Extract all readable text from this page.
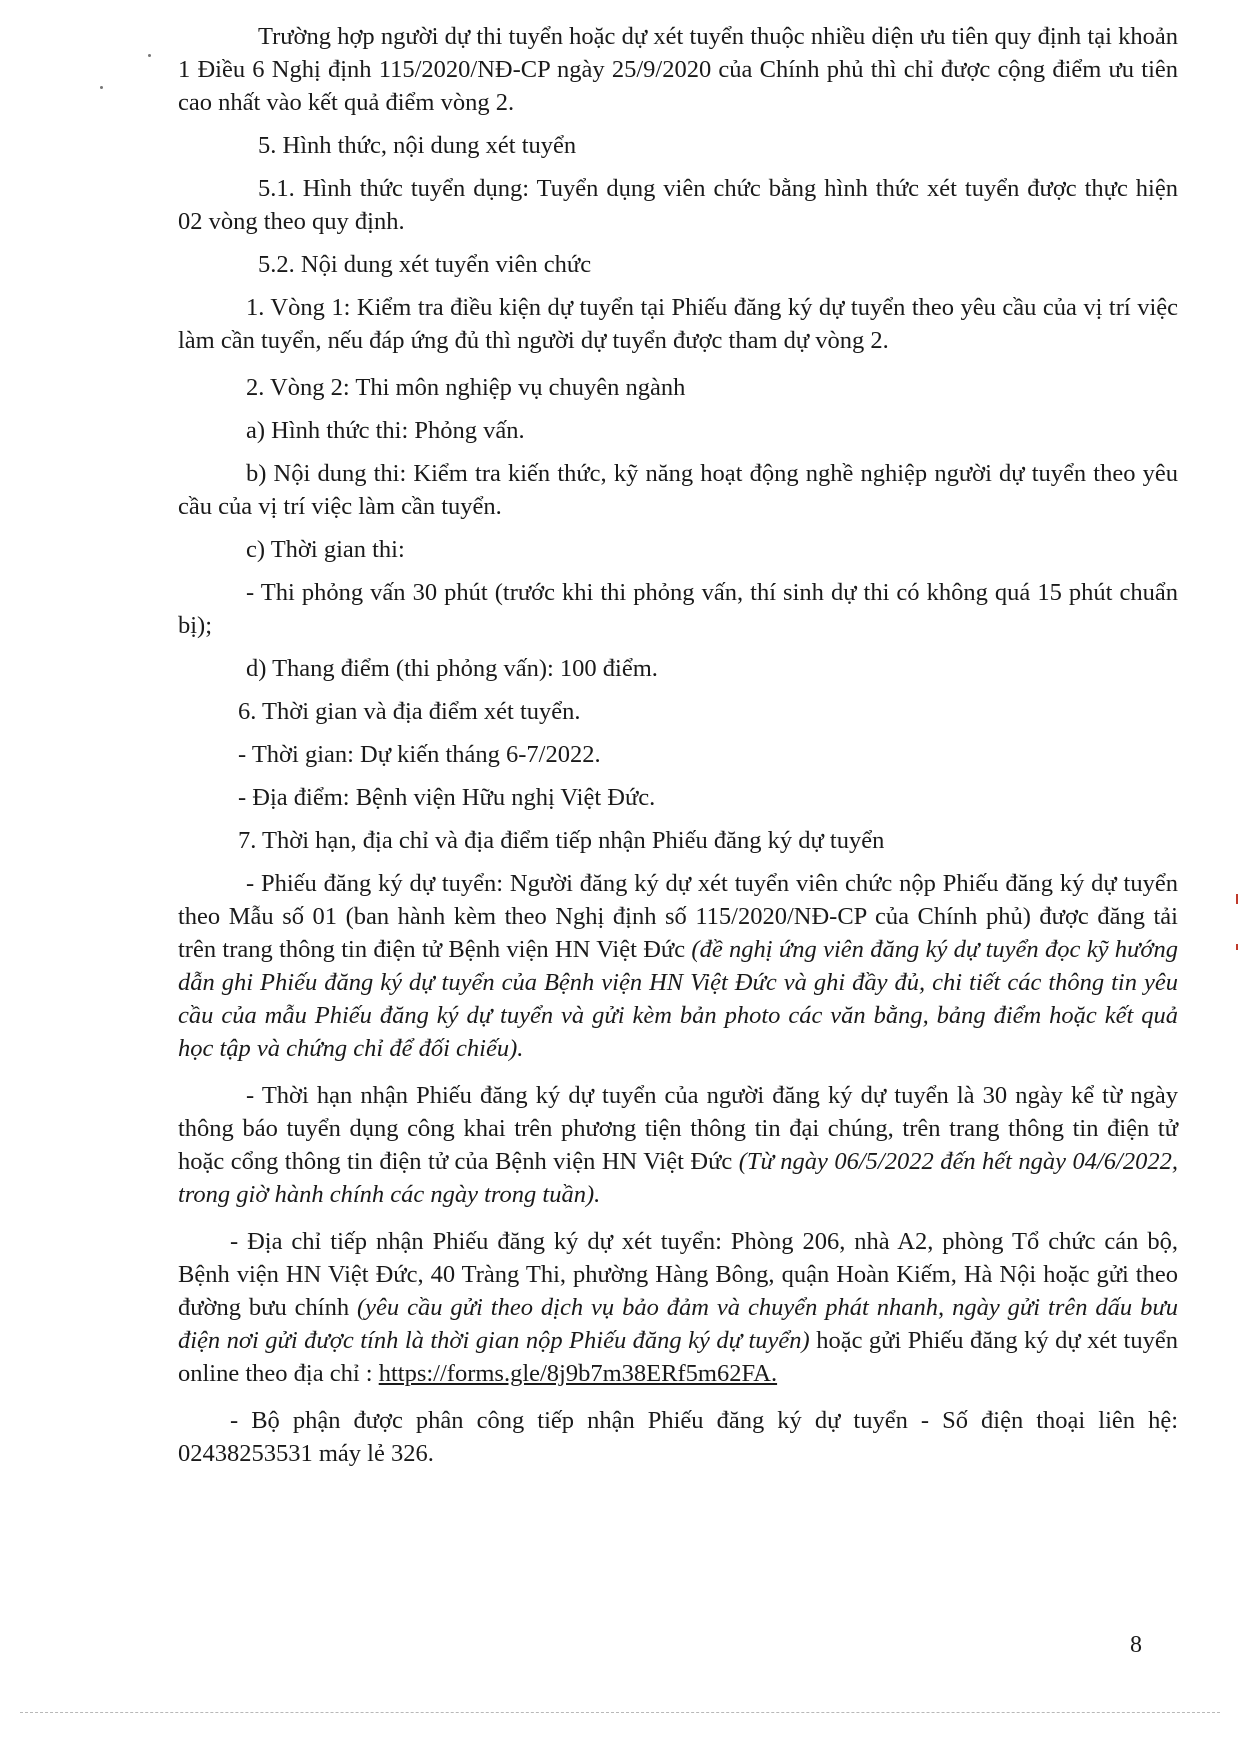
Trường hợp người dự thi tuyển hoặc dự xét tuyển thuộc nhiều diện ưu tiên quy định tại khoản 1 Điều 6 Nghị định 115/2020/NĐ-CP ngày 25/9/2020 của Chính phủ thì chỉ được cộng điểm ưu tiên cao nhất vào kết quả điểm vòng 2.

5. Hình thức, nội dung xét tuyển

5.1. Hình thức tuyển dụng: Tuyển dụng viên chức bằng hình thức xét tuyển được thực hiện 02 vòng theo quy định.

5.2. Nội dung xét tuyển viên chức

1. Vòng 1: Kiểm tra điều kiện dự tuyển tại Phiếu đăng ký dự tuyển theo yêu cầu của vị trí việc làm cần tuyển, nếu đáp ứng đủ thì người dự tuyển được tham dự vòng 2.

2. Vòng 2: Thi môn nghiệp vụ chuyên ngành

a) Hình thức thi: Phỏng vấn.

b) Nội dung thi: Kiểm tra kiến thức, kỹ năng hoạt động nghề nghiệp người dự tuyển theo yêu cầu của vị trí việc làm cần tuyển.

c) Thời gian thi:

- Thi phỏng vấn 30 phút (trước khi thi phỏng vấn, thí sinh dự thi có không quá 15 phút chuẩn bị);

d) Thang điểm (thi phỏng vấn): 100 điểm.

6. Thời gian và địa điểm xét tuyển.

- Thời gian: Dự kiến tháng 6-7/2022.

- Địa điểm: Bệnh viện Hữu nghị Việt Đức.

7. Thời hạn, địa chỉ và địa điểm tiếp nhận Phiếu đăng ký dự tuyển

- Phiếu đăng ký dự tuyển: Người đăng ký dự xét tuyển viên chức nộp Phiếu đăng ký dự tuyển theo Mẫu số 01 (ban hành kèm theo Nghị định số 115/2020/NĐ-CP của Chính phủ) được đăng tải trên trang thông tin điện tử Bệnh viện HN Việt Đức (đề nghị ứng viên đăng ký dự tuyển đọc kỹ hướng dẫn ghi Phiếu đăng ký dự tuyển của Bệnh viện HN Việt Đức và ghi đầy đủ, chi tiết các thông tin yêu cầu của mẫu Phiếu đăng ký dự tuyển và gửi kèm bản photo các văn bằng, bảng điểm hoặc kết quả học tập và chứng chỉ để đối chiếu).

- Thời hạn nhận Phiếu đăng ký dự tuyển của người đăng ký dự tuyển là 30 ngày kể từ ngày thông báo tuyển dụng công khai trên phương tiện thông tin đại chúng, trên trang thông tin điện tử hoặc cổng thông tin điện tử của Bệnh viện HN Việt Đức (Từ ngày 06/5/2022 đến hết ngày 04/6/2022, trong giờ hành chính các ngày trong tuần).

- Địa chỉ tiếp nhận Phiếu đăng ký dự xét tuyển: Phòng 206, nhà A2, phòng Tổ chức cán bộ, Bệnh viện HN Việt Đức, 40 Tràng Thi, phường Hàng Bông, quận Hoàn Kiếm, Hà Nội hoặc gửi theo đường bưu chính (yêu cầu gửi theo dịch vụ bảo đảm và chuyển phát nhanh, ngày gửi trên dấu bưu điện nơi gửi được tính là thời gian nộp Phiếu đăng ký dự tuyển) hoặc gửi Phiếu đăng ký dự xét tuyển online theo địa chỉ : https://forms.gle/8j9b7m38ERf5m62FA.

- Bộ phận được phân công tiếp nhận Phiếu đăng ký dự tuyển - Số điện thoại liên hệ: 02438253531 máy lẻ 326.

8
